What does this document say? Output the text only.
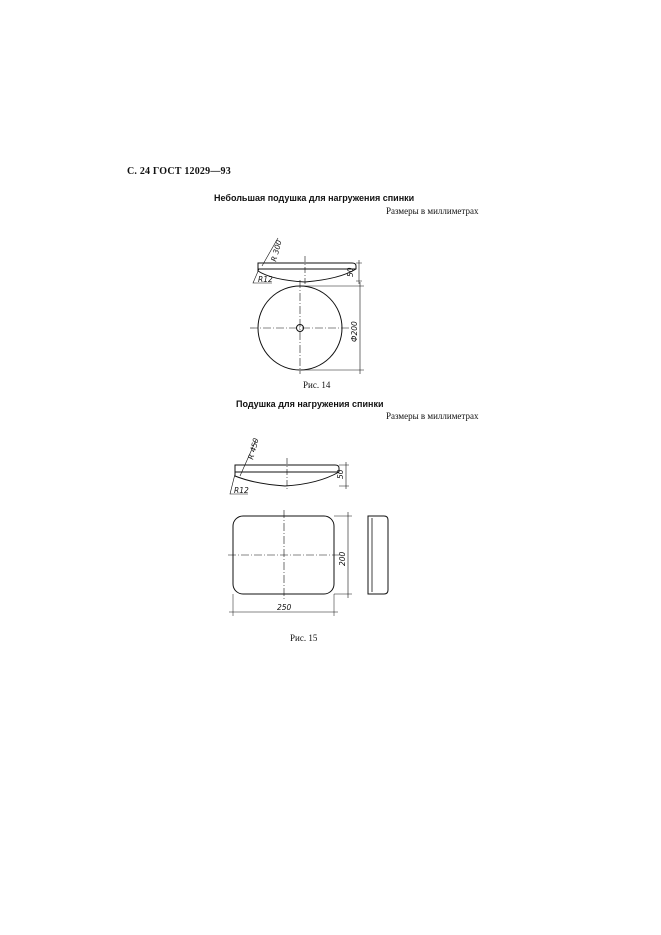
С. 24 ГОСТ 12029—93
Небольшая подушка для нагружения спинки
Размеры в миллиметрах
R 300
50
R12
Ф200
R 450
50
R12
200
250
Рис. 14
Подушка для нагружения спинки
Размеры в миллиметрах
Рис. 15
